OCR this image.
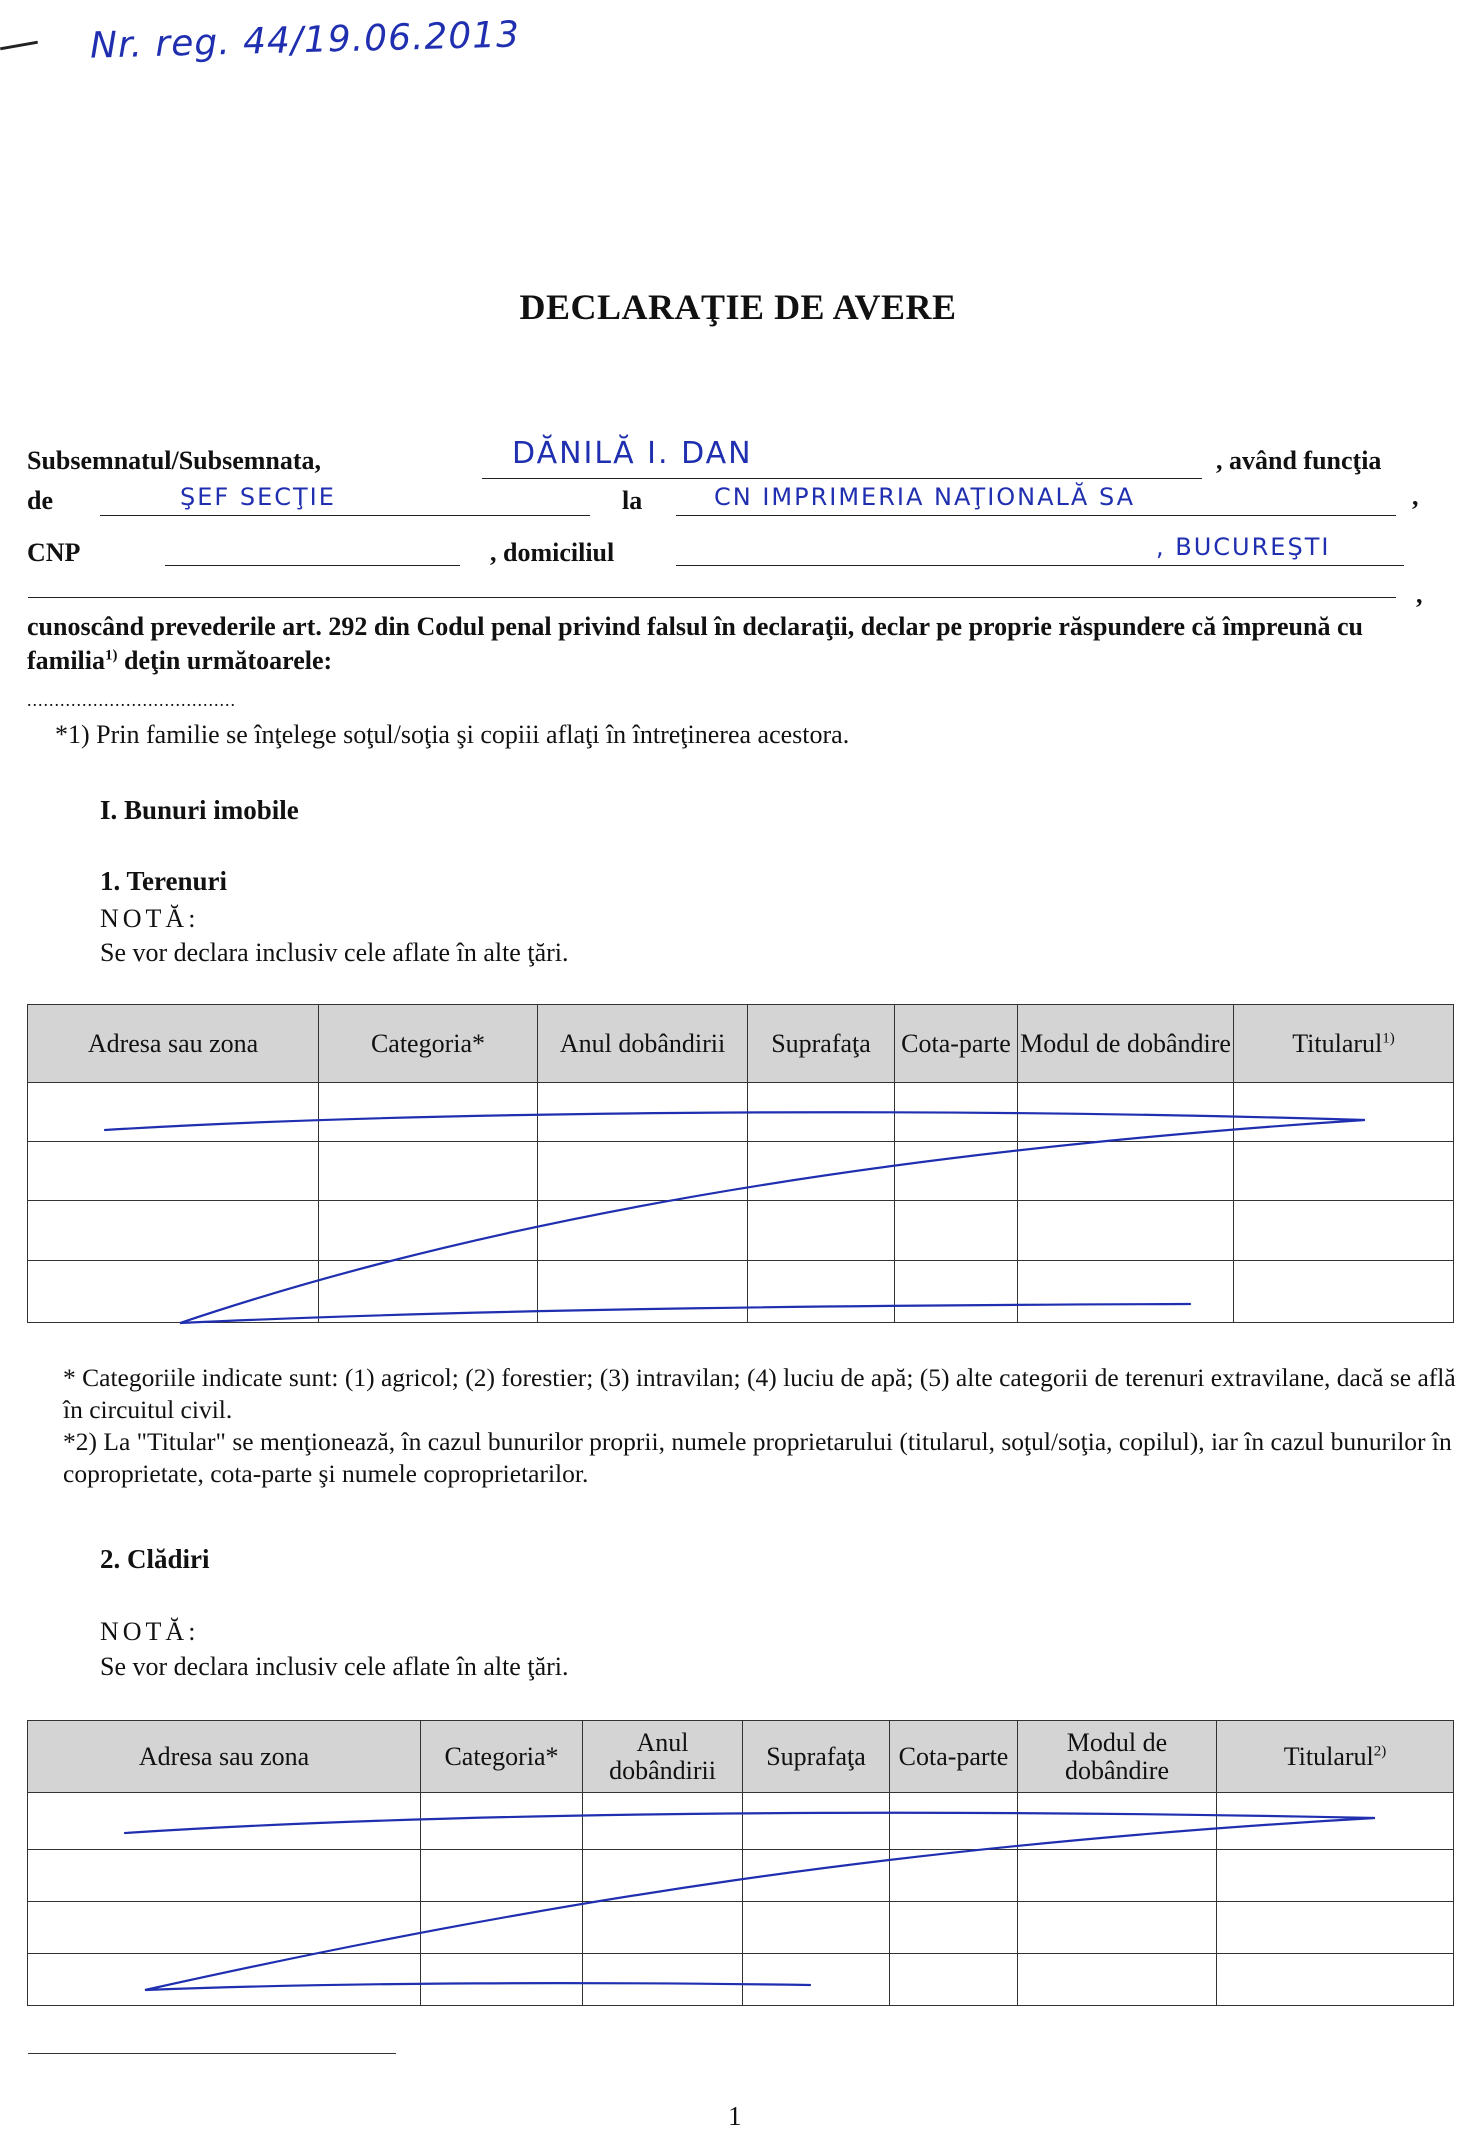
Nr. reg. 44/19.06.2013
DECLARAŢIE DE AVERE
Subsemnatul/Subsemnata,	DĂNILĂ I. DAN	, având funcţia
de	ŞEF SECŢIE	la	CN IMPRIMERIA NAŢIONALĂ SA	,
CNP	, domiciliul	, BUCUREŞTI
,
cunoscând prevederile art. 292 din Codul penal privind falsul în declaraţii, declar pe proprie răspundere că împreună cu familia$^{1)}$ deţin următoarele:
......................................
*1) Prin familie se înţelege soţul/soţia şi copiii aflaţi în întreţinerea acestora.
I. Bunuri imobile
1. Terenuri
NOTĂ:
Se vor declara inclusiv cele aflate în alte ţări.
Adresa sau zona	Categoria*	Anul dobândirii	Suprafaţa	Cota-parte	Modul de dobândire	Titularul$^{1)}$

* Categoriile indicate sunt: (1) agricol; (2) forestier; (3) intravilan; (4) luciu de apă; (5) alte categorii de terenuri extravilane, dacă se află în circuitul civil.

*2) La "Titular" se menţionează, în cazul bunurilor proprii, numele proprietarului (titularul, soţul/soţia, copilul), iar în cazul bunurilor în coproprietate, cota-parte şi numele coproprietarilor.

2. Clădiri
NOTĂ:
Se vor declara inclusiv cele aflate în alte ţări.
Adresa sau zona	Categoria*	Anul dobândirii	Suprafaţa	Cota-parte	Modul de dobândire	Titularul$^{2)}$

1
